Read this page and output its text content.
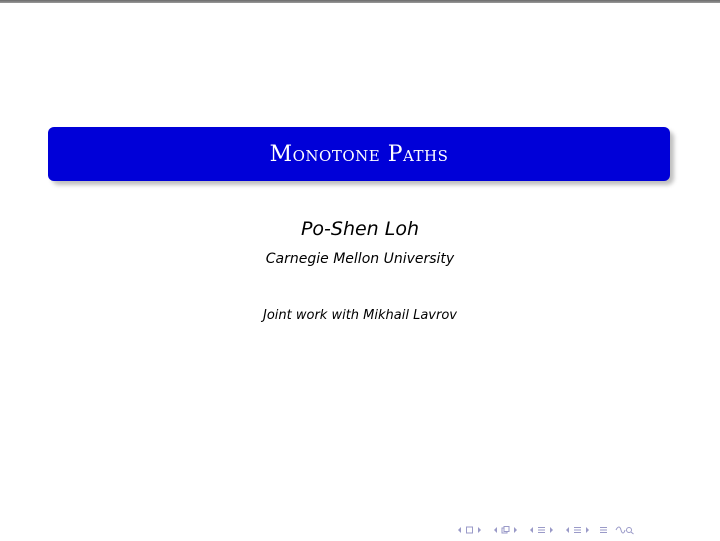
Monotone Paths
Po-Shen Loh
Carnegie Mellon University
Joint work with Mikhail Lavrov
